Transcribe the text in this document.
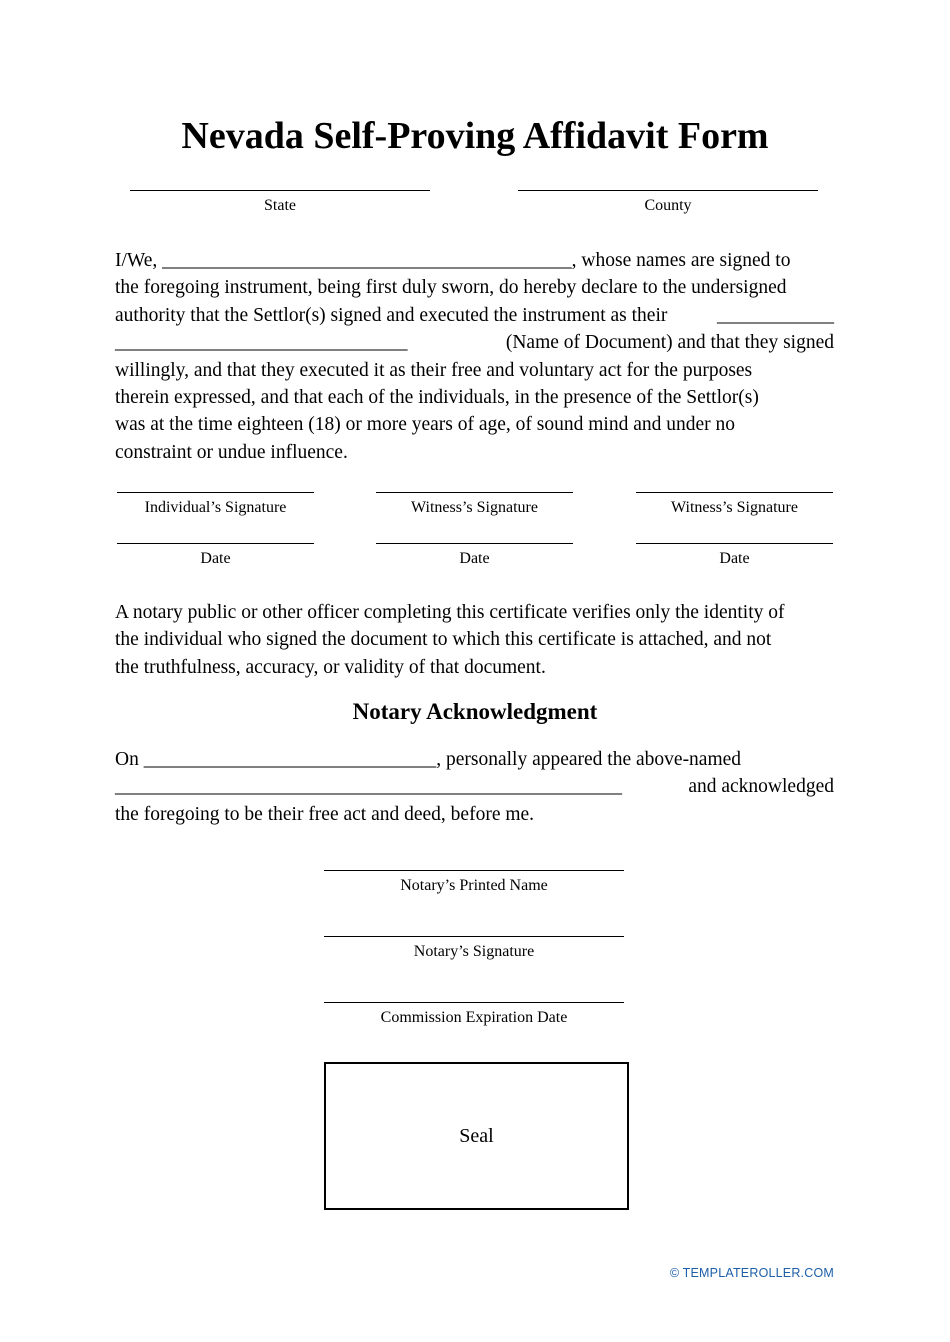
Nevada Self-Proving Affidavit Form
State	County
I/We, __________________________________________, whose names are signed to
the foregoing instrument, being first duly sworn, do hereby declare to the undersigned
authority that the Settlor(s) signed and executed the instrument as their ____________
______________________________	(Name of Document) and that they signed
willingly, and that they executed it as their free and voluntary act for the purposes
therein expressed, and that each of the individuals, in the presence of the Settlor(s)
was at the time eighteen (18) or more years of age, of sound mind and under no
constraint or undue influence.
Individual’s Signature	Witness’s Signature	Witness’s Signature
Date	Date	Date
A notary public or other officer completing this certificate verifies only the identity of
the individual who signed the document to which this certificate is attached, and not
the truthfulness, accuracy, or validity of that document.
Notary Acknowledgment
On ______________________________, personally appeared the above-named
____________________________________________________	and acknowledged
the foregoing to be their free act and deed, before me.
Notary’s Printed Name
Notary’s Signature
Commission Expiration Date
Seal
© TEMPLATEROLLER.COM
